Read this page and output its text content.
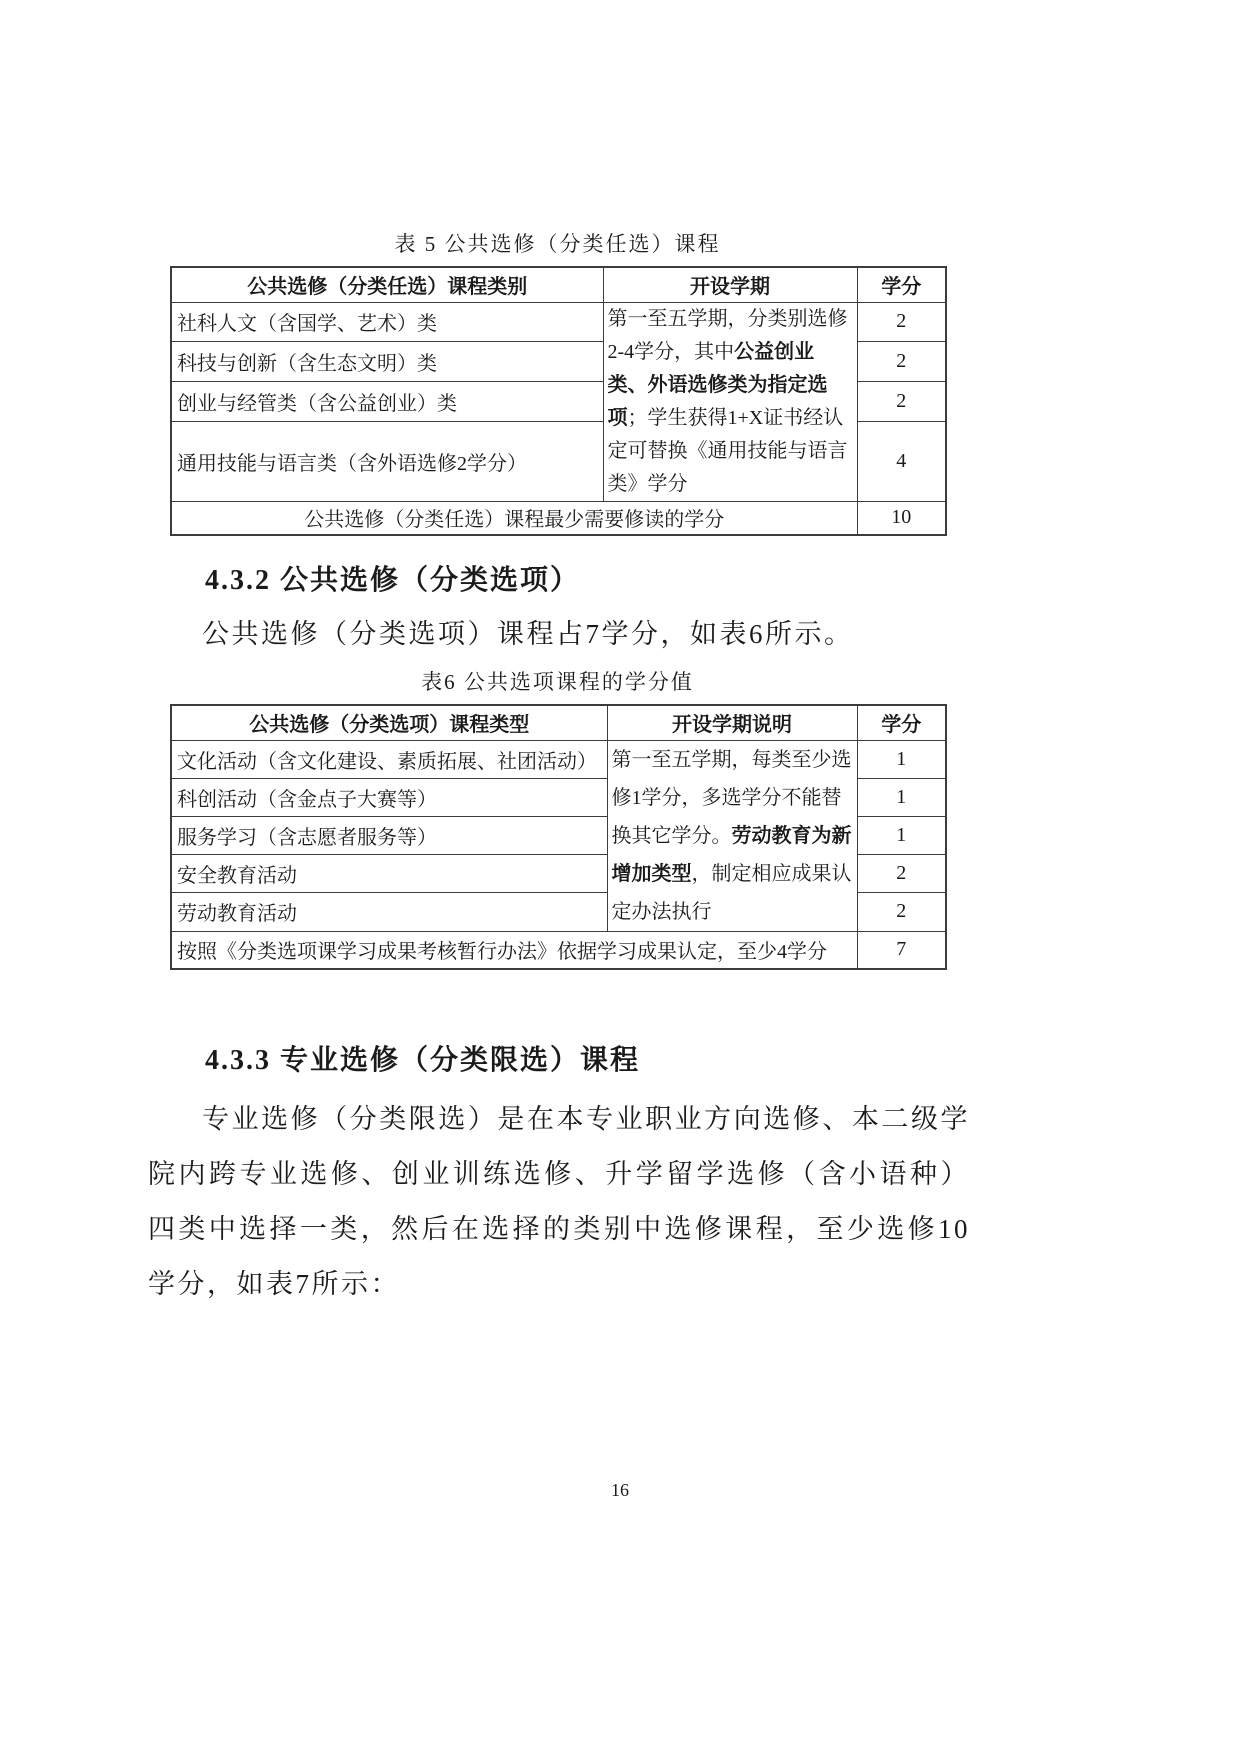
表 5 公共选修（分类任选）课程
公共选修（分类任选）课程类别	开设学期	学分
社科人文（含国学、艺术）类	第一至五学期，分类别选修2-4学分，其中公益创业类、外语选修类为指定选项；学生获得1+X证书经认定可替换《通用技能与语言类》学分	2
科技与创新（含生态文明）类		2
创业与经管类（含公益创业）类		2
通用技能与语言类（含外语选修2学分）		4
公共选修（分类任选）课程最少需要修读的学分		10
4.3.2 公共选修（分类选项）

公共选修（分类选项）课程占7学分，如表6所示。

表6 公共选项课程的学分值
公共选修（分类选项）课程类型	开设学期说明	学分
文化活动（含文化建设、素质拓展、社团活动）	第一至五学期，每类至少选修1学分，多选学分不能替换其它学分。劳动教育为新增加类型，制定相应成果认定办法执行	1
科创活动（含金点子大赛等）		1
服务学习（含志愿者服务等）		1
安全教育活动		2
劳动教育活动		2
按照《分类选项课学习成果考核暂行办法》依据学习成果认定，至少4学分		7
4.3.3 专业选修（分类限选）课程

专业选修（分类限选）是在本专业职业方向选修、本二级学院内跨专业选修、创业训练选修、升学留学选修（含小语种）四类中选择一类，然后在选择的类别中选修课程，至少选修10学分，如表7所示：

16
